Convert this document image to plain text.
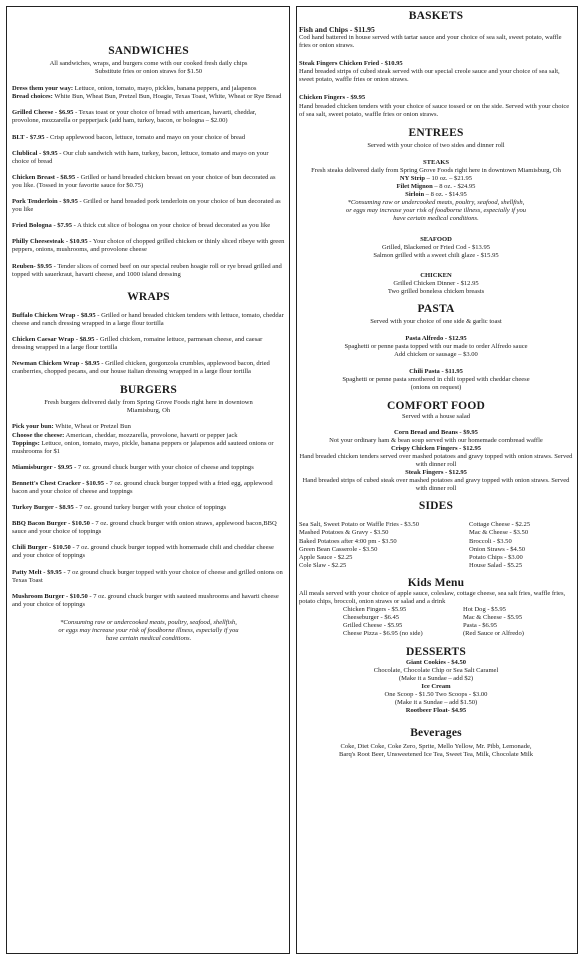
SANDWICHES

All sandwiches, wraps, and burgers come with our cooked fresh daily chips

Substitute fries or onion straws for $1.50

Dress them your way: Lettuce, onion, tomato, mayo, pickles, banana peppers, and jalapenos

Bread choices: White Bun, Wheat Bun, Pretzel Bun, Hoagie, Texas Toast, White, Wheat or Rye Bread

Grilled Cheese - $6.95 - Texas toast or your choice of bread with american, havarti, cheddar, provolone, mozzarella or pepperjack (add ham, turkey, bacon, or bologna – $2.00)

BLT - $7.95 - Crisp applewood bacon, lettuce, tomato and mayo on your choice of bread

Clublical - $9.95 - Our club sandwich with ham, turkey, bacon, lettuce, tomato and mayo on your choice of bread

Chicken Breast - $8.95 - Grilled or hand breaded chicken breast on your choice of bun decorated as you like. (Tossed in your favorite sauce for $0.75)

Pork Tenderloin - $9.95 - Grilled or hand breaded pork tenderloin on your choice of bun decorated as you like

Fried Bologna - $7.95 - A thick cut slice of bologna on your choice of bread decorated as you like

Philly Cheesesteak - $10.95 - Your choice of chopped grilled chicken or thinly sliced ribeye with green peppers, onions, mushrooms, and provolone cheese

Reuben- $9.95 - Tender slices of corned beef on our special reuben hoagie roll or rye bread grilled and topped with sauerkraut, havarti cheese, and 1000 island dressing

WRAPS

Buffalo Chicken Wrap - $8.95 - Grilled or hand breaded chicken tenders with lettuce, tomato, cheddar cheese and ranch dressing wrapped in a large flour tortilla

Chicken Caesar Wrap - $8.95 - Grilled chicken, romaine lettuce, parmesan cheese, and caesar dressing wrapped in a large flour tortilla

Newman Chicken Wrap - $8.95 - Grilled chicken, gorgonzola crumbles, applewood bacon, dried cranberries, chopped pecans, and our house italian dressing wrapped in a large flour tortilla

BURGERS

Fresh burgers delivered daily from Spring Grove Foods right here in downtown

Miamisburg, Oh

Pick your bun: White, Wheat or Pretzel Bun

Choose the cheese: American, cheddar, mozzarella, provolone, havarti or pepper jack

Toppings: Lettuce, onion, tomato, mayo, pickle, banana peppers or jalapenos add sauteed onions or mushrooms for $1

Miamisburger - $9.95 - 7 oz. ground chuck burger with your choice of cheese and toppings

Bennett's Chest Cracker - $10.95 - 7 oz. ground chuck burger topped with a fried egg, applewood bacon and your choice of cheese and toppings

Turkey Burger - $8.95 - 7 oz. ground turkey burger with your choice of toppings

BBQ Bacon Burger - $10.50 - 7 oz. ground chuck burger with onion straws, applewood bacon,BBQ sauce and your choice of toppings

Chili Burger - $10.50 - 7 oz. ground chuck burger topped with homemade chili and cheddar cheese and your choice of toppings

Patty Melt - $9.95 - 7 oz ground chuck burger topped with your choice of cheese and grilled onions on Texas Toast

Mushroom Burger - $10.50 - 7 oz. ground chuck burger with sauteed mushrooms and havarti cheese and your choice of toppings

*Consuming raw or undercooked meats, poultry, seafood, shellfish,

or eggs may increase your risk of foodborne illness, especially if you

have certain medical conditions.

BASKETS

Fish and Chips - $11.95

Cod hand battered in house served with tartar sauce and your choice of sea salt, sweet potato, waffle fries or onion straws.

Steak Fingers Chicken Fried - $10.95

Hand breaded strips of cubed steak served with our special creole sauce and your choice of sea salt, sweet potato, waffle fries or onion straws.

Chicken Fingers - $9.95

Hand breaded chicken tenders with your choice of sauce tossed or on the side. Served with your choice of sea salt, sweet potato, waffle fries or onion straws.

ENTREES

Served with your choice of two sides and dinner roll

STEAKS

Fresh steaks delivered daily from Spring Grove Foods right here in downtown Miamisburg, Oh

NY Strip – 10 oz. – $21.95

Filet Mignon – 8 oz. - $24.95

Sirloin – 8 oz. - $14.95

*Consuming raw or undercooked meats, poultry, seafood, shellfish,

or eggs may increase your risk of foodborne illness, especially if you

have certain medical conditions.

SEAFOOD

Grilled, Blackened or Fried Cod - $13.95

Salmon grilled with a sweet chili glaze - $15.95

CHICKEN

Grilled Chicken Dinner - $12.95

Two grilled boneless chicken breasts

PASTA

Served with your choice of one side & garlic toast

Pasta Alfredo - $12.95

Spaghetti or penne pasta topped with our made to order Alfredo sauce

Add chicken or sausage – $3.00

Chili Pasta - $11.95

Spaghetti or penne pasta smothered in chili topped with cheddar cheese

(onions on request)

COMFORT FOOD

Served with a house salad

Corn Bread and Beans - $9.95

Not your ordinary ham & bean soup served with our homemade cornbread waffle

Crispy Chicken Fingers - $12.95

Hand breaded chicken tenders served over mashed potatoes and gravy topped with onion straws. Served with dinner roll

Steak Fingers - $12.95

Hand breaded strips of cubed steak over mashed potatoes and gravy topped with onion straws. Served with dinner roll

SIDES
Sea Salt, Sweet Potato or Waffle Fries - $3.50
Mashed Potatoes & Gravy - $3.50
Baked Potatoes after 4:00 pm - $3.50
Green Bean Casserole - $3.50
Apple Sauce - $2.25
Cole Slaw - $2.25
Cottage Cheese - $2.25
Mac & Cheese - $3.50
Broccoli - $3.50
Onion Straws - $4.50
Potato Chips - $3.00
House Salad - $5.25
Kids Menu

All meals served with your choice of apple sauce, coleslaw, cottage cheese, sea salt fries, waffle fries, potato chips, broccoli, onion straws or salad and a drink

Chicken Fingers - $5.95
Cheeseburger - $6.45
Grilled Cheese - $5.95
Cheese Pizza - $6.95 (no side)
Hot Dog - $5.95
Mac & Cheese - $5.95
Pasta - $6.95
(Red Sauce or Alfredo)
DESSERTS

Giant Cookies - $4.50

Chocolate, Chocolate Chip or Sea Salt Caramel

(Make it a Sundae – add $2)

Ice Cream

One Scoop - $1.50 Two Scoops - $3.00

(Make it a Sundae – add $1.50)

Rootbeer Float- $4.95

Beverages

Coke, Diet Coke, Coke Zero, Sprite, Mello Yellow, Mr. Pibb, Lemonade,

Barq's Root Beer, Unsweetened Ice Tea, Sweet Tea, Milk, Chocolate Milk
